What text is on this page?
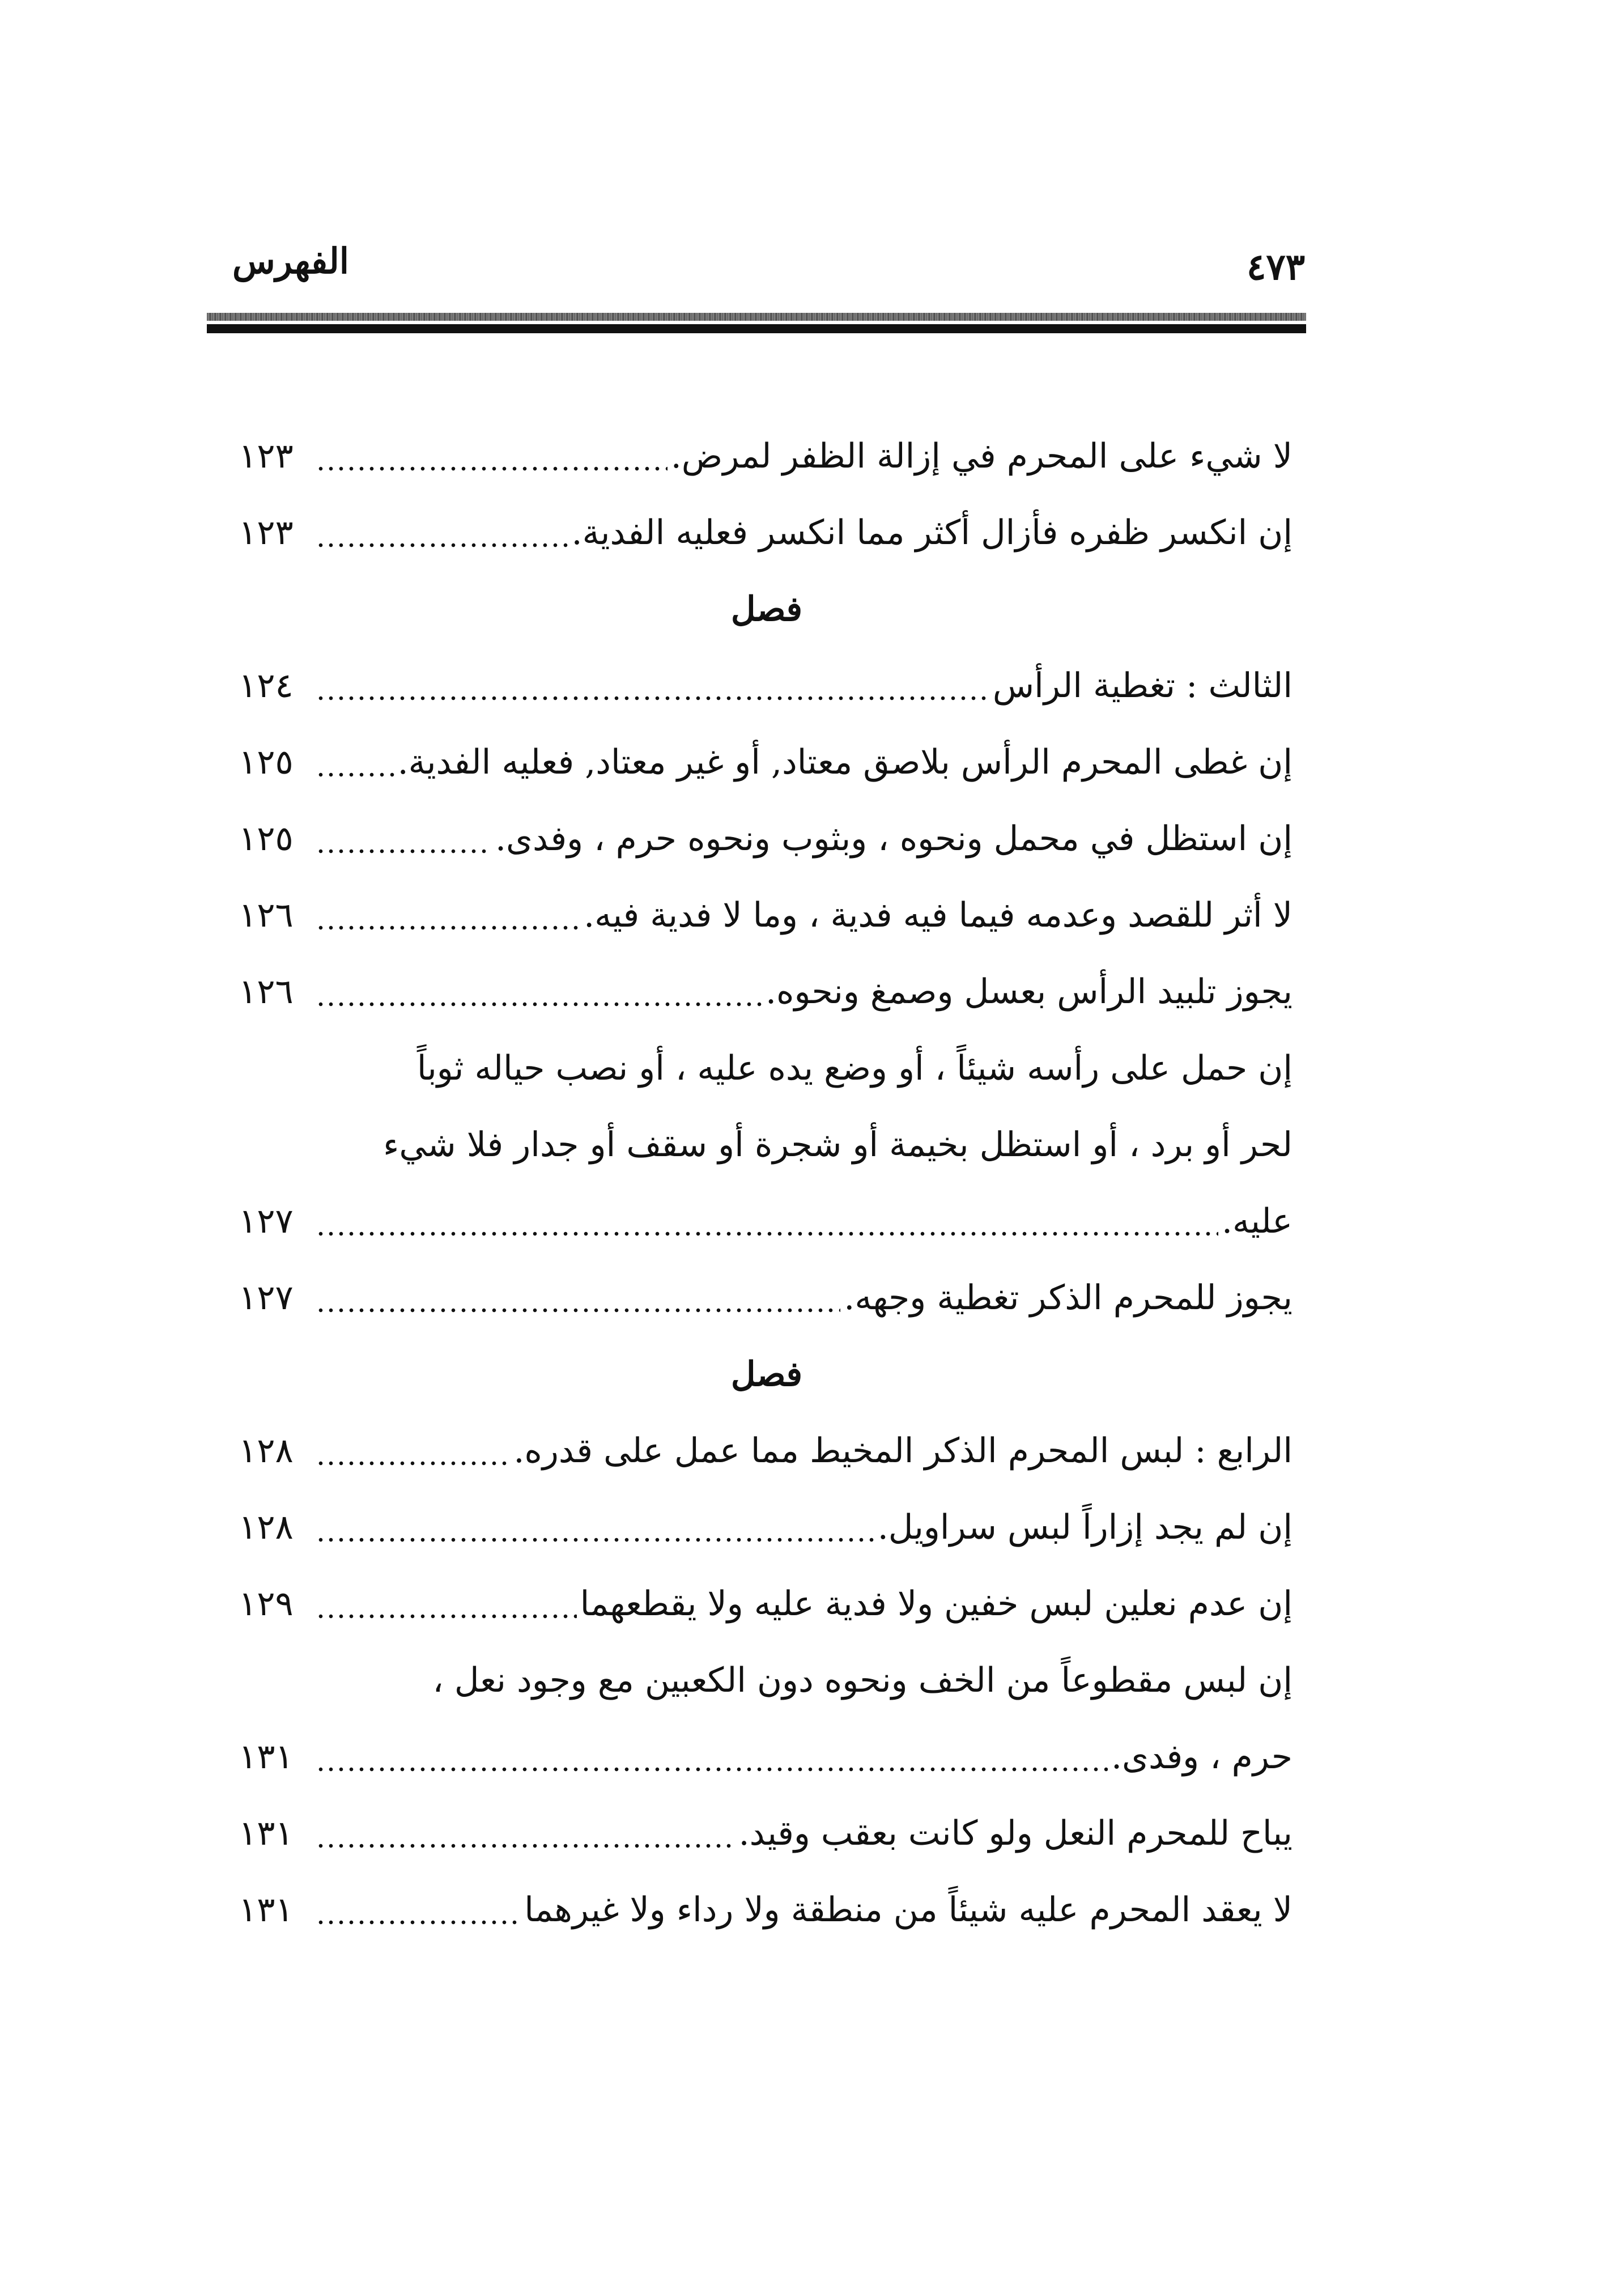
الفهرس	٤٧٣
لا شيء على المحرم في إزالة الظفر لمرض.
١٢٣
إن انكسر ظفره فأزال أكثر مما انكسر فعليه الفدية.
١٢٣
فصل
الثالث : تغطية الرأس
١٢٤
إن غطى المحرم الرأس بلاصق معتاد, أو غير معتاد, فعليه الفدية.
١٢٥
إن استظل في محمل ونحوه ، وبثوب ونحوه حرم ، وفدى.
١٢٥
لا أثر للقصد وعدمه فيما فيه فدية ، وما لا فدية فيه.
١٢٦
يجوز تلبيد الرأس بعسل وصمغ ونحوه.
١٢٦
إن حمل على رأسه شيئاً ، أو وضع يده عليه ، أو نصب حياله ثوباً
لحر أو برد ، أو استظل بخيمة أو شجرة أو سقف أو جدار فلا شيء
عليه.
١٢٧
يجوز للمحرم الذكر تغطية وجهه.
١٢٧
فصل
الرابع : لبس المحرم الذكر المخيط مما عمل على قدره.
١٢٨
إن لم يجد إزاراً لبس سراويل.
١٢٨
إن عدم نعلين لبس خفين ولا فدية عليه ولا يقطعهما
١٢٩
إن لبس مقطوعاً من الخف ونحوه دون الكعبين مع وجود نعل ،
حرم ، وفدى.
١٣١
يباح للمحرم النعل ولو كانت بعقب وقيد.
١٣١
لا يعقد المحرم عليه شيئاً من منطقة ولا رداء ولا غيرهما
١٣١
